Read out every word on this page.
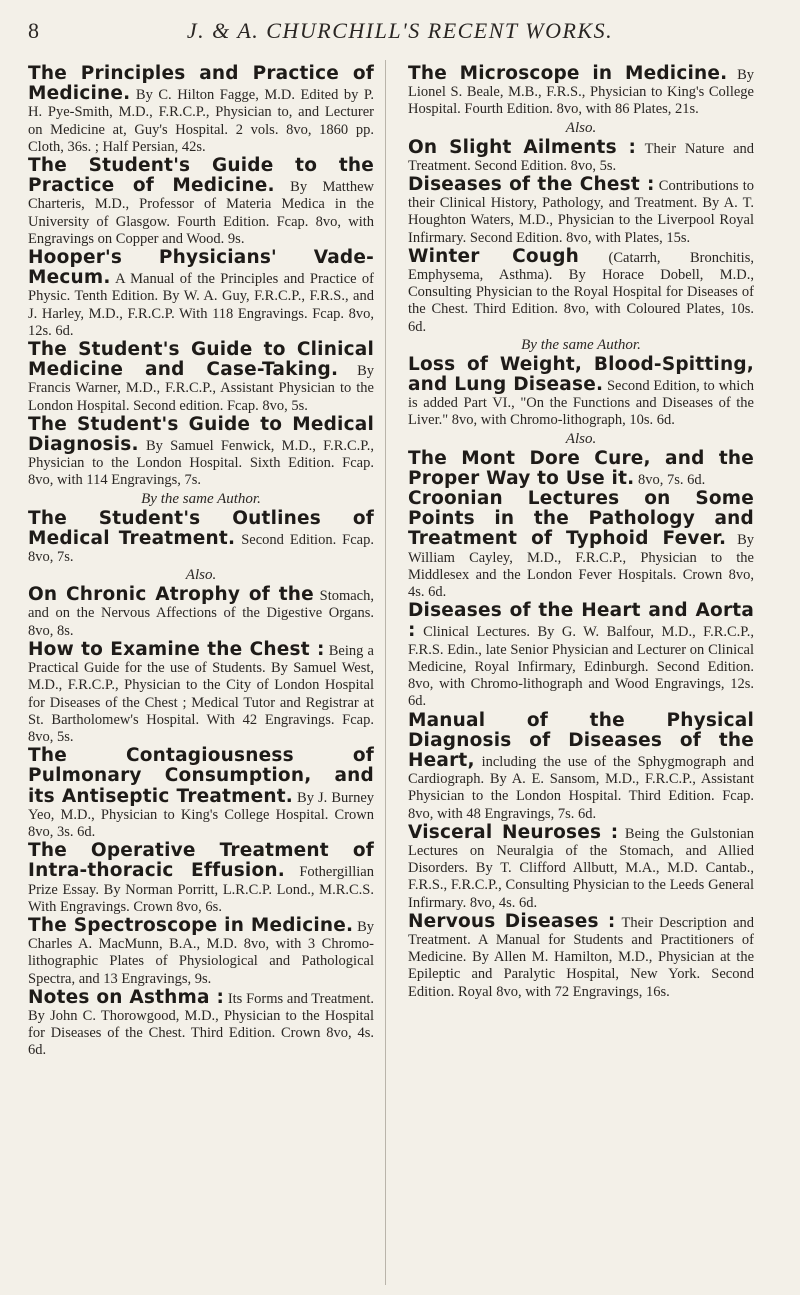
8	J. & A. CHURCHILL'S RECENT WORKS.

The Principles and Practice of Medicine. By C. Hilton Fagge, M.D. Edited by P. H. Pye-Smith, M.D., F.R.C.P., Physician to, and Lecturer on Medicine at, Guy's Hospital. 2 vols. 8vo, 1860 pp. Cloth, 36s. ; Half Persian, 42s.

The Student's Guide to the Practice of Medicine. By Matthew Charteris, M.D., Professor of Materia Medica in the University of Glasgow. Fourth Edition. Fcap. 8vo, with Engravings on Copper and Wood. 9s.

Hooper's Physicians' Vade-Mecum. A Manual of the Principles and Practice of Physic. Tenth Edition. By W. A. Guy, F.R.C.P., F.R.S., and J. Harley, M.D., F.R.C.P. With 118 Engravings. Fcap. 8vo, 12s. 6d.

The Student's Guide to Clinical Medicine and Case-Taking. By Francis Warner, M.D., F.R.C.P., Assistant Physician to the London Hospital. Second edition. Fcap. 8vo, 5s.

The Student's Guide to Medical Diagnosis. By Samuel Fenwick, M.D., F.R.C.P., Physician to the London Hospital. Sixth Edition. Fcap. 8vo, with 114 Engravings, 7s.

By the same Author.

The Student's Outlines of Medical Treatment. Second Edition. Fcap. 8vo, 7s.

Also.

On Chronic Atrophy of the Stomach, and on the Nervous Affections of the Digestive Organs. 8vo, 8s.

How to Examine the Chest : Being a Practical Guide for the use of Students. By Samuel West, M.D., F.R.C.P., Physician to the City of London Hospital for Diseases of the Chest ; Medical Tutor and Registrar at St. Bartholomew's Hospital. With 42 Engravings. Fcap. 8vo, 5s.

The Contagiousness of Pulmonary Consumption, and its Antiseptic Treatment. By J. Burney Yeo, M.D., Physician to King's College Hospital. Crown 8vo, 3s. 6d.

The Operative Treatment of Intra-thoracic Effusion. Fothergillian Prize Essay. By Norman Porritt, L.R.C.P. Lond., M.R.C.S. With Engravings. Crown 8vo, 6s.

The Spectroscope in Medicine. By Charles A. MacMunn, B.A., M.D. 8vo, with 3 Chromo-lithographic Plates of Physiological and Pathological Spectra, and 13 Engravings, 9s.

Notes on Asthma : Its Forms and Treatment. By John C. Thorowgood, M.D., Physician to the Hospital for Diseases of the Chest. Third Edition. Crown 8vo, 4s. 6d.

The Microscope in Medicine. By Lionel S. Beale, M.B., F.R.S., Physician to King's College Hospital. Fourth Edition. 8vo, with 86 Plates, 21s.

Also.

On Slight Ailments : Their Nature and Treatment. Second Edition. 8vo, 5s.

Diseases of the Chest : Contributions to their Clinical History, Pathology, and Treatment. By A. T. Houghton Waters, M.D., Physician to the Liverpool Royal Infirmary. Second Edition. 8vo, with Plates, 15s.

Winter Cough (Catarrh, Bronchitis, Emphysema, Asthma). By Horace Dobell, M.D., Consulting Physician to the Royal Hospital for Diseases of the Chest. Third Edition. 8vo, with Coloured Plates, 10s. 6d.

By the same Author.

Loss of Weight, Blood-Spitting, and Lung Disease. Second Edition, to which is added Part VI., "On the Functions and Diseases of the Liver." 8vo, with Chromo-lithograph, 10s. 6d.

Also.

The Mont Dore Cure, and the Proper Way to Use it. 8vo, 7s. 6d.

Croonian Lectures on Some Points in the Pathology and Treatment of Typhoid Fever. By William Cayley, M.D., F.R.C.P., Physician to the Middlesex and the London Fever Hospitals. Crown 8vo, 4s. 6d.

Diseases of the Heart and Aorta : Clinical Lectures. By G. W. Balfour, M.D., F.R.C.P., F.R.S. Edin., late Senior Physician and Lecturer on Clinical Medicine, Royal Infirmary, Edinburgh. Second Edition. 8vo, with Chromo-lithograph and Wood Engravings, 12s. 6d.

Manual of the Physical Diagnosis of Diseases of the Heart, including the use of the Sphygmograph and Cardiograph. By A. E. Sansom, M.D., F.R.C.P., Assistant Physician to the London Hospital. Third Edition. Fcap. 8vo, with 48 Engravings, 7s. 6d.

Visceral Neuroses : Being the Gulstonian Lectures on Neuralgia of the Stomach, and Allied Disorders. By T. Clifford Allbutt, M.A., M.D. Cantab., F.R.S., F.R.C.P., Consulting Physician to the Leeds General Infirmary. 8vo, 4s. 6d.

Nervous Diseases : Their Description and Treatment. A Manual for Students and Practitioners of Medicine. By Allen M. Hamilton, M.D., Physician at the Epileptic and Paralytic Hospital, New York. Second Edition. Royal 8vo, with 72 Engravings, 16s.
